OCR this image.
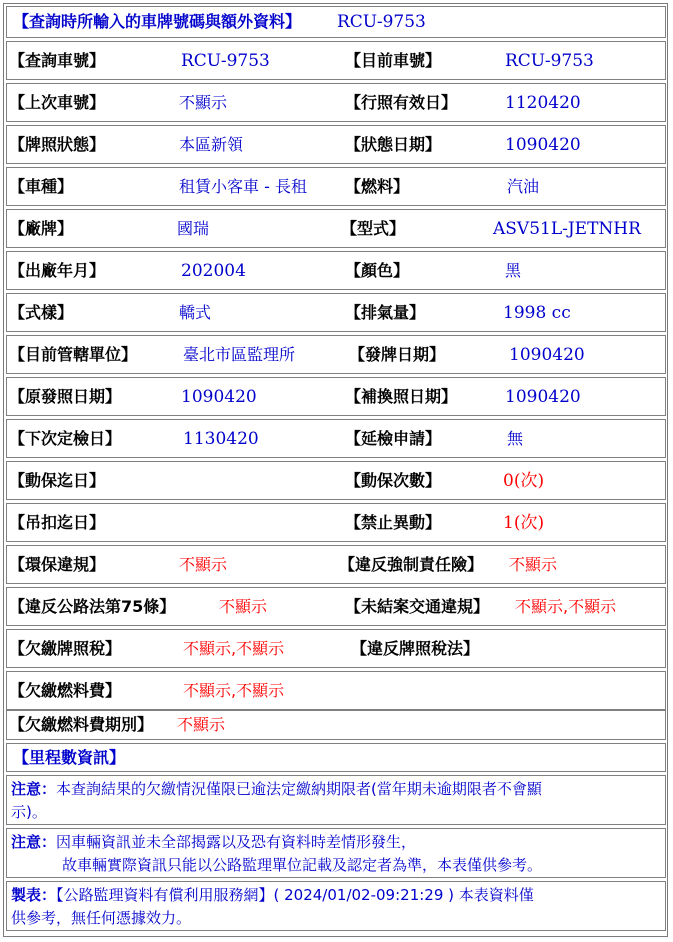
【查詢時所輸入的車牌號碼與額外資料】 RCU-9753
【查詢車號】	RCU-9753	【目前車號】	RCU-9753
【上次車號】	不顯示	【行照有效日】	1120420
【牌照狀態】	本區新領	【狀態日期】	1090420
【車種】	租賃小客車 - 長租 【燃料】	汽油
【廠牌】	國瑞	【型式】	ASV51L-JETNHR
【出廠年月】	202004	【顏色】	黑
【式樣】	轎式	【排氣量】	1998 cc
【目前管轄單位】	臺北市區監理所	【發牌日期】	1090420
【原發照日期】	1090420	【補換照日期】	1090420
【下次定檢日】	1130420	【延檢申請】	無
【動保迄日】	【動保次數】	0(次)
【吊扣迄日】	【禁止異動】	1(次)
【環保違規】	不顯示	【違反強制責任險】 不顯示
【違反公路法第75條】	不顯示	【未結案交通違規】 不顯示,不顯示
【欠繳牌照稅】	不顯示,不顯示	【違反牌照稅法】
【欠繳燃料費】	不顯示,不顯示
【欠繳燃料費期別】 不顯示
【里程數資訊】
注意：本查詢結果的欠繳情況僅限已逾法定繳納期限者(當年期未逾期限者不會顯
示)。
注意：因車輛資訊並未全部揭露以及恐有資料時差情形發生，
故車輛實際資訊只能以公路監理單位記載及認定者為準，本表僅供參考。
製表：【公路監理資料有償利用服務網】( 2024/01/02-09:21:29 ) 本表資料僅
供參考，無任何憑據效力。
